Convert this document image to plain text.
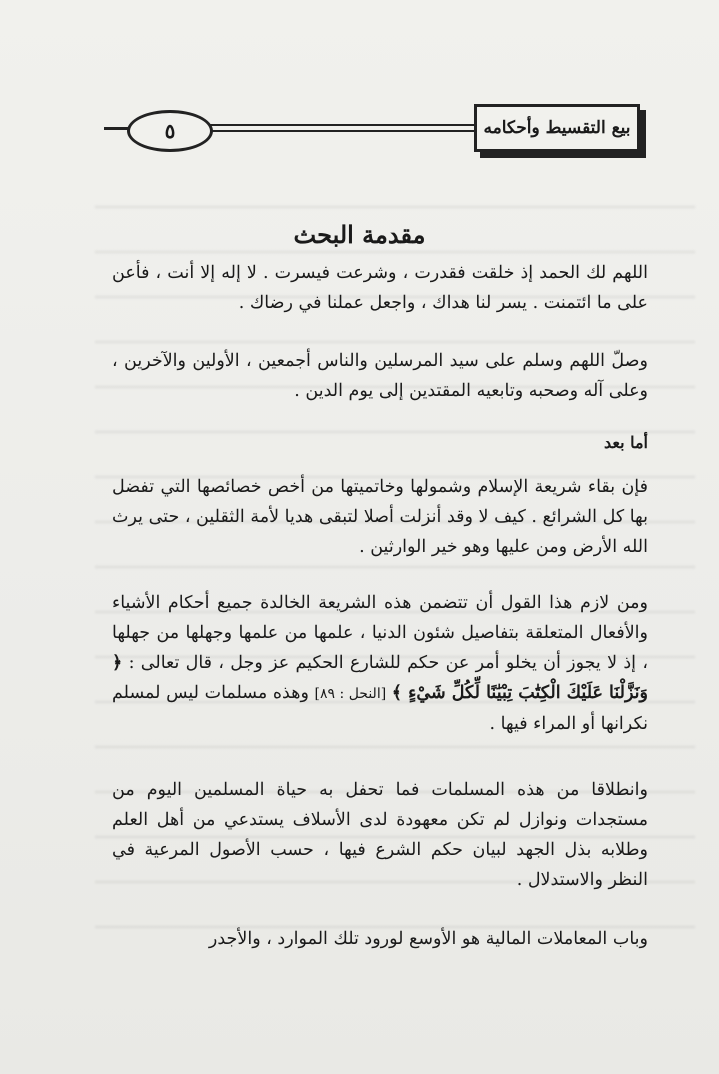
٥	بيع التقسيط وأحكامه
مقدمة البحث

اللهم لك الحمد إذ خلقت فقدرت ، وشرعت فيسرت . لا إله إلا أنت ، فأعن على ما ائتمنت . يسر لنا هداك ، واجعل عملنا في رضاك .

وصلّ اللهم وسلم على سيد المرسلين والناس أجمعين ، الأولين والآخرين ، وعلى آله وصحبه وتابعيه المقتدين إلى يوم الدين .

أما بعد

فإن بقاء شريعة الإسلام وشمولها وخاتميتها من أخص خصائصها التي تفضل بها كل الشرائع . كيف لا وقد أنزلت أصلا لتبقى هديا لأمة الثقلين ، حتى يرث الله الأرض ومن عليها وهو خير الوارثين .

ومن لازم هذا القول أن تتضمن هذه الشريعة الخالدة جميع أحكام الأشياء والأفعال المتعلقة بتفاصيل شئون الدنيا ، علمها من علمها وجهلها من جهلها ، إذ لا يجوز أن يخلو أمر عن حكم للشارع الحكيم عز وجل ، قال تعالى : ﴿ وَنَزَّلْنَا عَلَيْكَ الْكِتَٰبَ تِبْيَٰنًا لِّكُلِّ شَيْءٍ ﴾ [النحل : ٨٩] وهذه مسلمات ليس لمسلم نكرانها أو المراء فيها .

وانطلاقا من هذه المسلمات فما تحفل به حياة المسلمين اليوم من مستجدات ونوازل لم تكن معهودة لدى الأسلاف يستدعي من أهل العلم وطلابه بذل الجهد لبيان حكم الشرع فيها ، حسب الأصول المرعية في النظر والاستدلال .

وباب المعاملات المالية هو الأوسع لورود تلك الموارد ، والأجدر
